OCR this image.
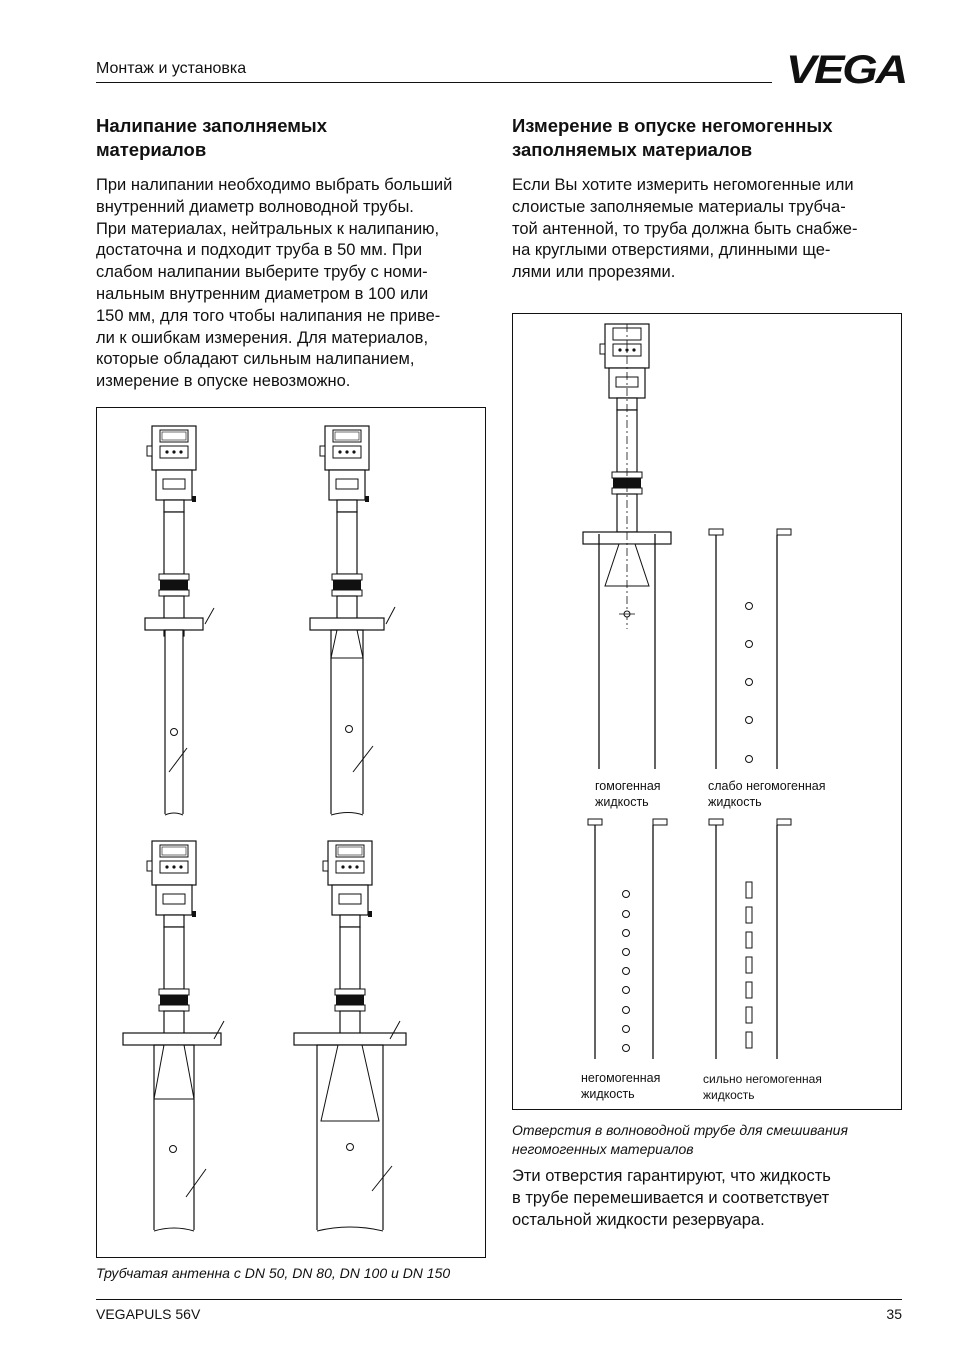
Монтаж и установка	VEGA
Налипание заполняемых
материалов

При налипании необходимо выбрать больший
внутренний диаметр волноводной трубы.
При материалах, нейтральных к налипанию,
достаточна и подходит труба в 50 мм. При
слабом налипании выберите трубу с номи-
нальным внутренним диаметром в 100 или
150 мм, для того чтобы налипания не приве-
ли к ошибкам измерения. Для материалов,
которые обладают сильным налипанием,
измерение в опуске невозможно.

Трубчатая антенна с DN 50, DN 80, DN 100 и DN 150
Измерение в опуске негомогенных
заполняемых материалов

Если Вы хотите измерить негомогенные или
слоистые заполняемые материалы трубча-
той антенной, то труба должна быть снабже-
на круглыми отверстиями, длинными ще-
лями или прорезями.

гомогенная
жидкость
слабо негомогенная
жидкость
негомогенная
жидкость
сильно негомогенная
жидкость
Отверстия в волноводной трубе для смешивания
негомогенных материалов

Эти отверстия гарантируют, что жидкость
в трубе перемешивается и соответствует
остальной жидкости резервуара.

VEGAPULS 56V	35
